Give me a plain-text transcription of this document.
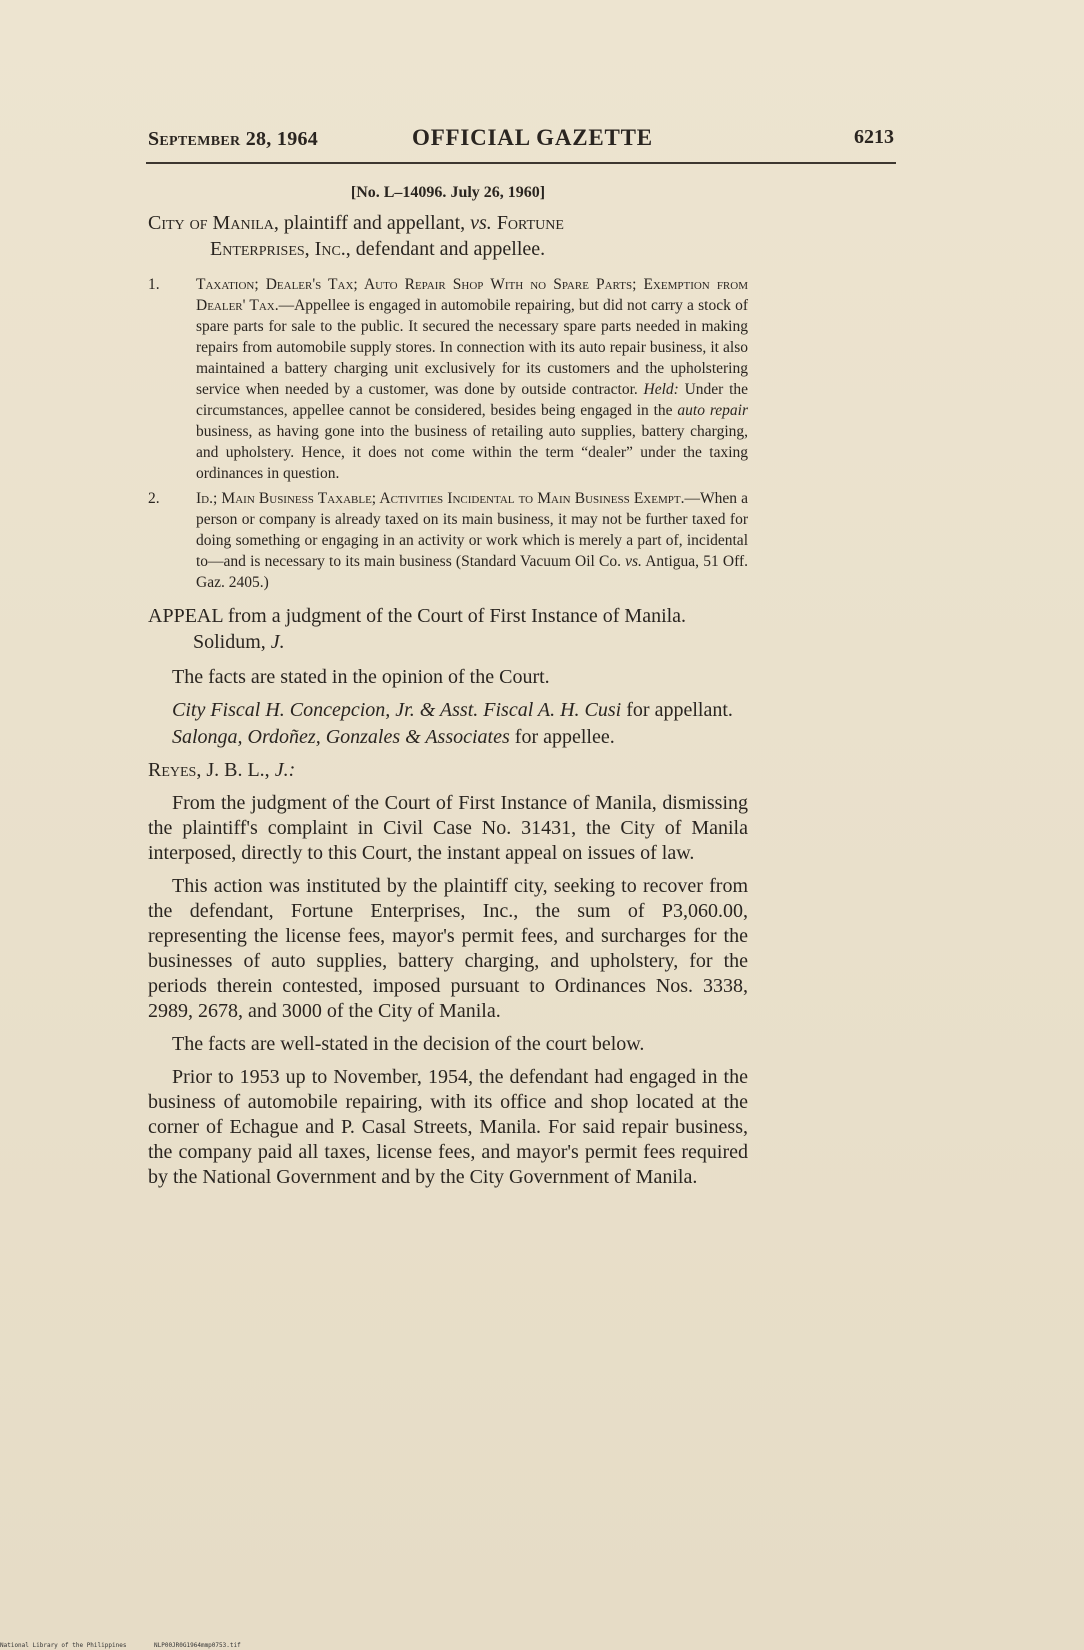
September 28, 1964	OFFICIAL GAZETTE	6213
[No. L–14096. July 26, 1960]
City of Manila, plaintiff and appellant, vs. Fortune
Enterprises, Inc., defendant and appellee.

1. Taxation; Dealer's Tax; Auto Repair Shop With no Spare Parts; Exemption from Dealer' Tax.—Appellee is engaged in automobile repairing, but did not carry a stock of spare parts for sale to the public. It secured the necessary spare parts needed in making repairs from automobile supply stores. In connection with its auto repair business, it also maintained a battery charging unit exclusively for its customers and the upholstering service when needed by a customer, was done by outside contractor. Held: Under the circumstances, appellee cannot be considered, besides being engaged in the auto repair business, as having gone into the business of retailing auto supplies, battery charging, and upholstery. Hence, it does not come within the term “dealer” under the taxing ordinances in question.

2. Id.; Main Business Taxable; Activities Incidental to Main Business Exempt.—When a person or company is already taxed on its main business, it may not be further taxed for doing something or engaging in an activity or work which is merely a part of, incidental to—and is necessary to its main business (Standard Vacuum Oil Co. vs. Antigua, 51 Off. Gaz. 2405.)

APPEAL from a judgment of the Court of First Instance of Manila. Solidum, J.

The facts are stated in the opinion of the Court.

City Fiscal H. Concepcion, Jr. & Asst. Fiscal A. H. Cusi for appellant.

Salonga, Ordoñez, Gonzales & Associates for appellee.

Reyes, J. B. L., J.:

From the judgment of the Court of First Instance of Manila, dismissing the plaintiff's complaint in Civil Case No. 31431, the City of Manila interposed, directly to this Court, the instant appeal on issues of law.

This action was instituted by the plaintiff city, seeking to recover from the defendant, Fortune Enterprises, Inc., the sum of P3,060.00, representing the license fees, mayor's permit fees, and surcharges for the businesses of auto supplies, battery charging, and upholstery, for the periods therein contested, imposed pursuant to Ordinances Nos. 3338, 2989, 2678, and 3000 of the City of Manila.

The facts are well-stated in the decision of the court below.

Prior to 1953 up to November, 1954, the defendant had engaged in the business of automobile repairing, with its office and shop located at the corner of Echague and P. Casal Streets, Manila. For said repair business, the company paid all taxes, license fees, and mayor's permit fees required by the National Government and by the City Government of Manila.

National Library of the Philippines	NLP00JR0G1964mmp0753.tif
